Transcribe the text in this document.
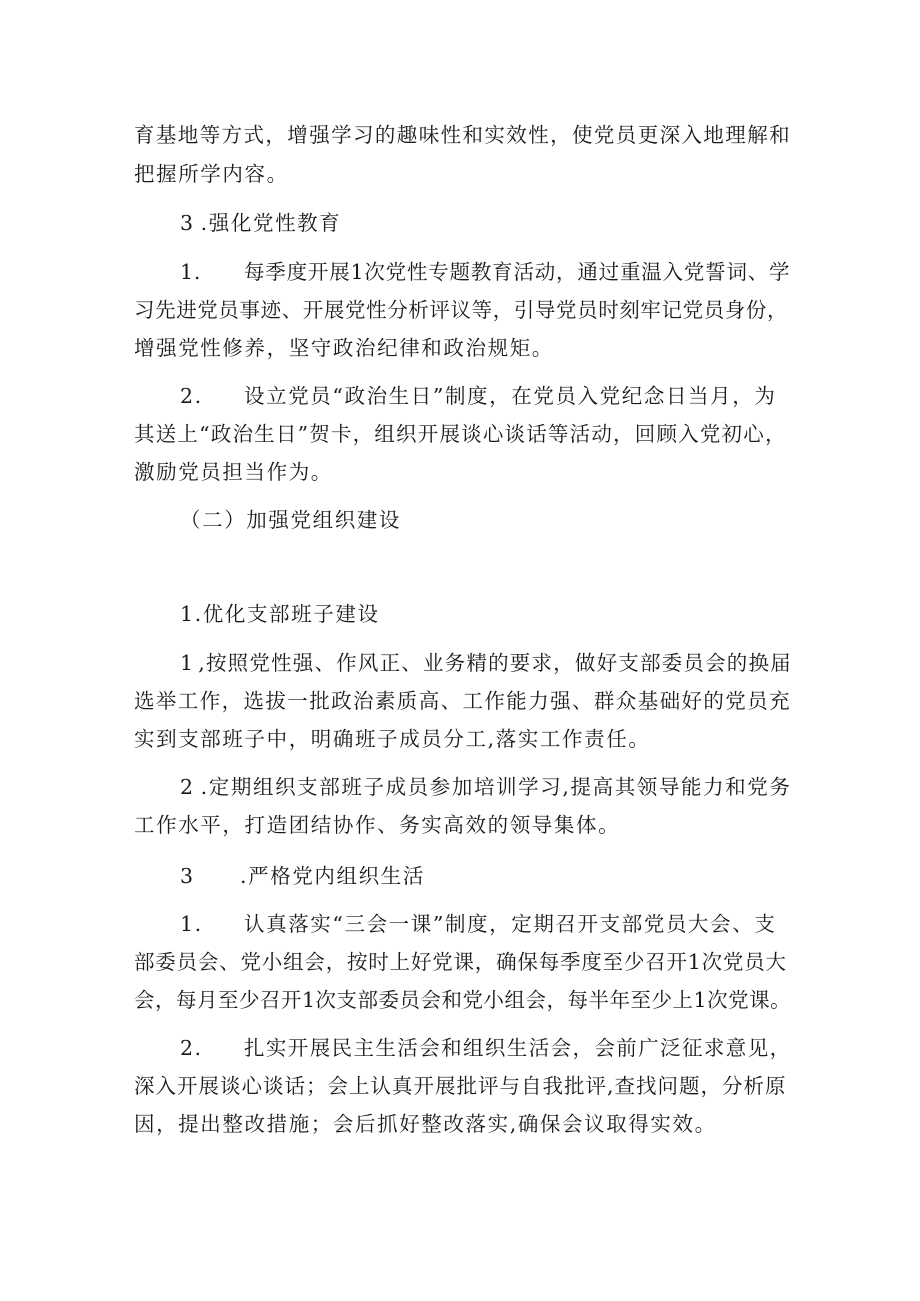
育基地等方式，增强学习的趣味性和实效性，使党员更深入地理解和
把握所学内容。
3 .强化党性教育
1. 每季度开展1次党性专题教育活动，通过重温入党誓词、学
习先进党员事迹、开展党性分析评议等，引导党员时刻牢记党员身份，
增强党性修养，坚守政治纪律和政治规矩。
2. 设立党员“政治生日”制度，在党员入党纪念日当月，为
其送上“政治生日”贺卡，组织开展谈心谈话等活动，回顾入党初心，
激励党员担当作为。
（二）加强党组织建设
1.优化支部班子建设
1 ,按照党性强、作风正、业务精的要求，做好支部委员会的换届
选举工作，选拔一批政治素质高、工作能力强、群众基础好的党员充
实到支部班子中，明确班子成员分工,落实工作责任。
2 .定期组织支部班子成员参加培训学习,提高其领导能力和党务
工作水平，打造团结协作、务实高效的领导集体。
3 .严格党内组织生活
1. 认真落实“三会一课”制度，定期召开支部党员大会、支
部委员会、党小组会，按时上好党课，确保每季度至少召开1次党员大
会，每月至少召开1次支部委员会和党小组会，每半年至少上1次党课。
2. 扎实开展民主生活会和组织生活会，会前广泛征求意见，
深入开展谈心谈话；会上认真开展批评与自我批评,查找问题，分析原
因，提出整改措施；会后抓好整改落实,确保会议取得实效。
